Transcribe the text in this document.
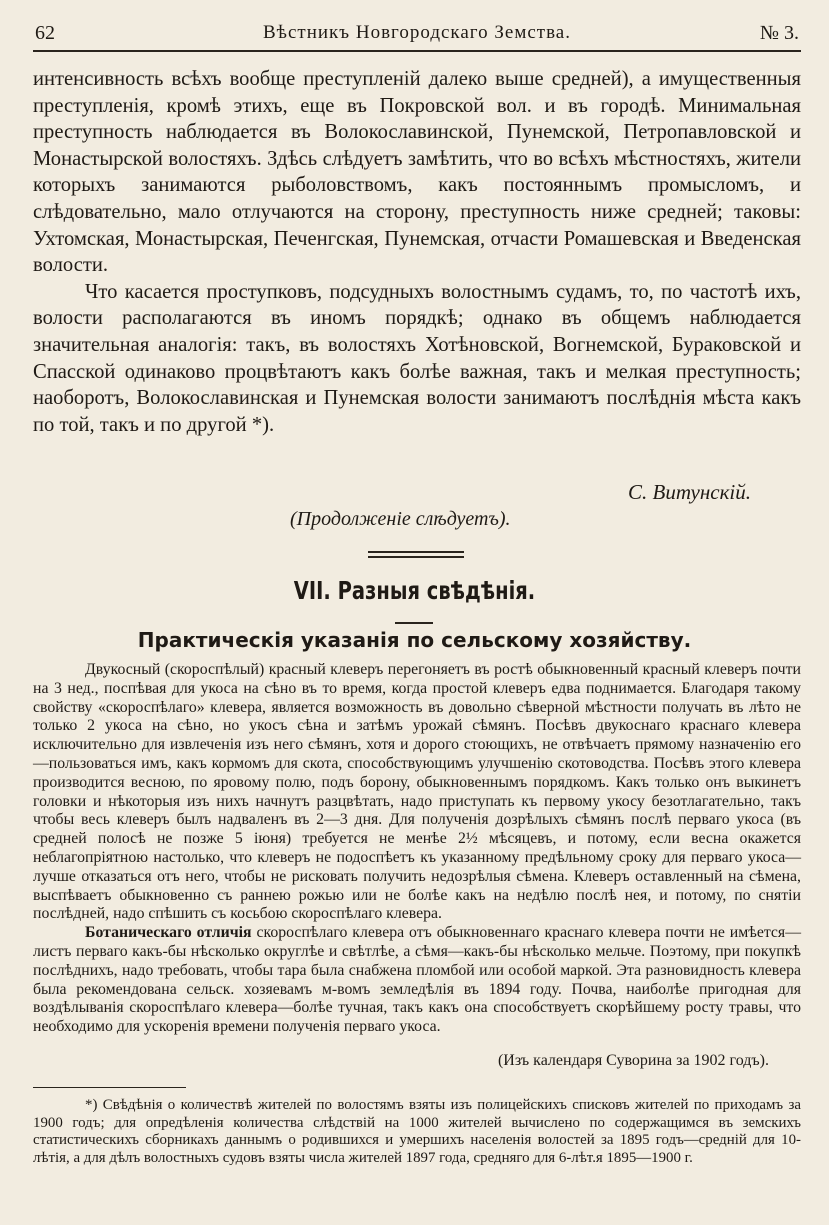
62	Вѣстникъ Новгородскаго Земства.	№ 3.

интенсивность всѣхъ вообще преступленій далеко выше средней), а имущественныя преступленія, кромѣ этихъ, еще въ Покровской вол. и въ городѣ. Минимальная преступность наблюдается въ Волокославинской, Пунемской, Петропавловской и Монастырской волостяхъ. Здѣсь слѣдуетъ замѣтить, что во всѣхъ мѣстностяхъ, жители которыхъ занимаются рыболовствомъ, какъ постояннымъ промысломъ, и слѣдовательно, мало отлучаются на сторону, преступность ниже средней; таковы: Ухтомская, Монастырская, Печенгская, Пунемская, отчасти Ромашевская и Введенская волости.

Что касается проступковъ, подсудныхъ волостнымъ судамъ, то, по частотѣ ихъ, волости располагаются въ иномъ порядкѣ; однако въ общемъ наблюдается значительная аналогія: такъ, въ волостяхъ Хотѣновской, Вогнемской, Бураковской и Спасской одинаково процвѣтаютъ какъ болѣе важная, такъ и мелкая преступность; наоборотъ, Волокославинская и Пунемская волости занимаютъ послѣднія мѣста какъ по той, такъ и по другой *).

С. Витунскій.
(Продолженіе слѣдуетъ).
VII. Разныя свѣдѣнія.
Практическія указанія по сельскому хозяйству.

Двукосный (скороспѣлый) красный клеверъ перегоняетъ въ ростѣ обыкновенный красный клеверъ почти на 3 нед., поспѣвая для укоса на сѣно въ то время, когда простой клеверъ едва поднимается. Благодаря такому свойству «скороспѣлаго» клевера, является возможность въ довольно сѣверной мѣстности получать въ лѣто не только 2 укоса на сѣно, но укосъ сѣна и затѣмъ урожай сѣмянъ. Посѣвъ двукоснаго краснаго клевера исключительно для извлеченія изъ него сѣмянъ, хотя и дорого стоющихъ, не отвѣчаетъ прямому назначенію его—пользоваться имъ, какъ кормомъ для скота, способствующимъ улучшенію скотоводства. Посѣвъ этого клевера производится весною, по яровому полю, подъ борону, обыкновеннымъ порядкомъ. Какъ только онъ выкинетъ головки и нѣкоторыя изъ нихъ начнутъ разцвѣтать, надо приступать къ первому укосу безотлагательно, такъ чтобы весь клеверъ былъ надваленъ въ 2—3 дня. Для полученія дозрѣлыхъ сѣмянъ послѣ перваго укоса (въ средней полосѣ не позже 5 іюня) требуется не менѣе 2½ мѣсяцевъ, и потому, если весна окажется неблагопріятною настолько, что клеверъ не подоспѣетъ къ указанному предѣльному сроку для перваго укоса—лучше отказаться отъ него, чтобы не рисковать получить недозрѣлыя сѣмена. Клеверъ оставленный на сѣмена, выспѣваетъ обыкновенно съ раннею рожью или не болѣе какъ на недѣлю послѣ нея, и потому, по снятіи послѣдней, надо спѣшить съ косьбою скороспѣлаго клевера.

Ботаническаго отличія скороспѣлаго клевера отъ обыкновеннаго краснаго клевера почти не имѣется—листъ перваго какъ-бы нѣсколько округлѣе и свѣтлѣе, а сѣмя—какъ-бы нѣсколько мельче. Поэтому, при покупкѣ послѣднихъ, надо требовать, чтобы тара была снабжена пломбой или особой маркой. Эта разновидность клевера была рекомендована сельск. хозяевамъ м-вомъ земледѣлія въ 1894 году. Почва, наиболѣе пригодная для воздѣлыванія скороспѣлаго клевера—болѣе тучная, такъ какъ она способствуетъ скорѣйшему росту травы, что необходимо для ускоренія времени полученія перваго укоса.

(Изъ календаря Суворина за 1902 годъ).

*) Свѣдѣнія о количествѣ жителей по волостямъ взяты изъ полицейскихъ списковъ жителей по приходамъ за 1900 годъ; для опредѣленія количества слѣдствій на 1000 жителей вычислено по содержащимся въ земскихъ статистическихъ сборникахъ даннымъ о родившихся и умершихъ населенія волостей за 1895 годъ—средній для 10-лѣтія, а для дѣлъ волостныхъ судовъ взяты числа жителей 1897 года, средняго для 6-лѣт.я 1895—1900 г.
